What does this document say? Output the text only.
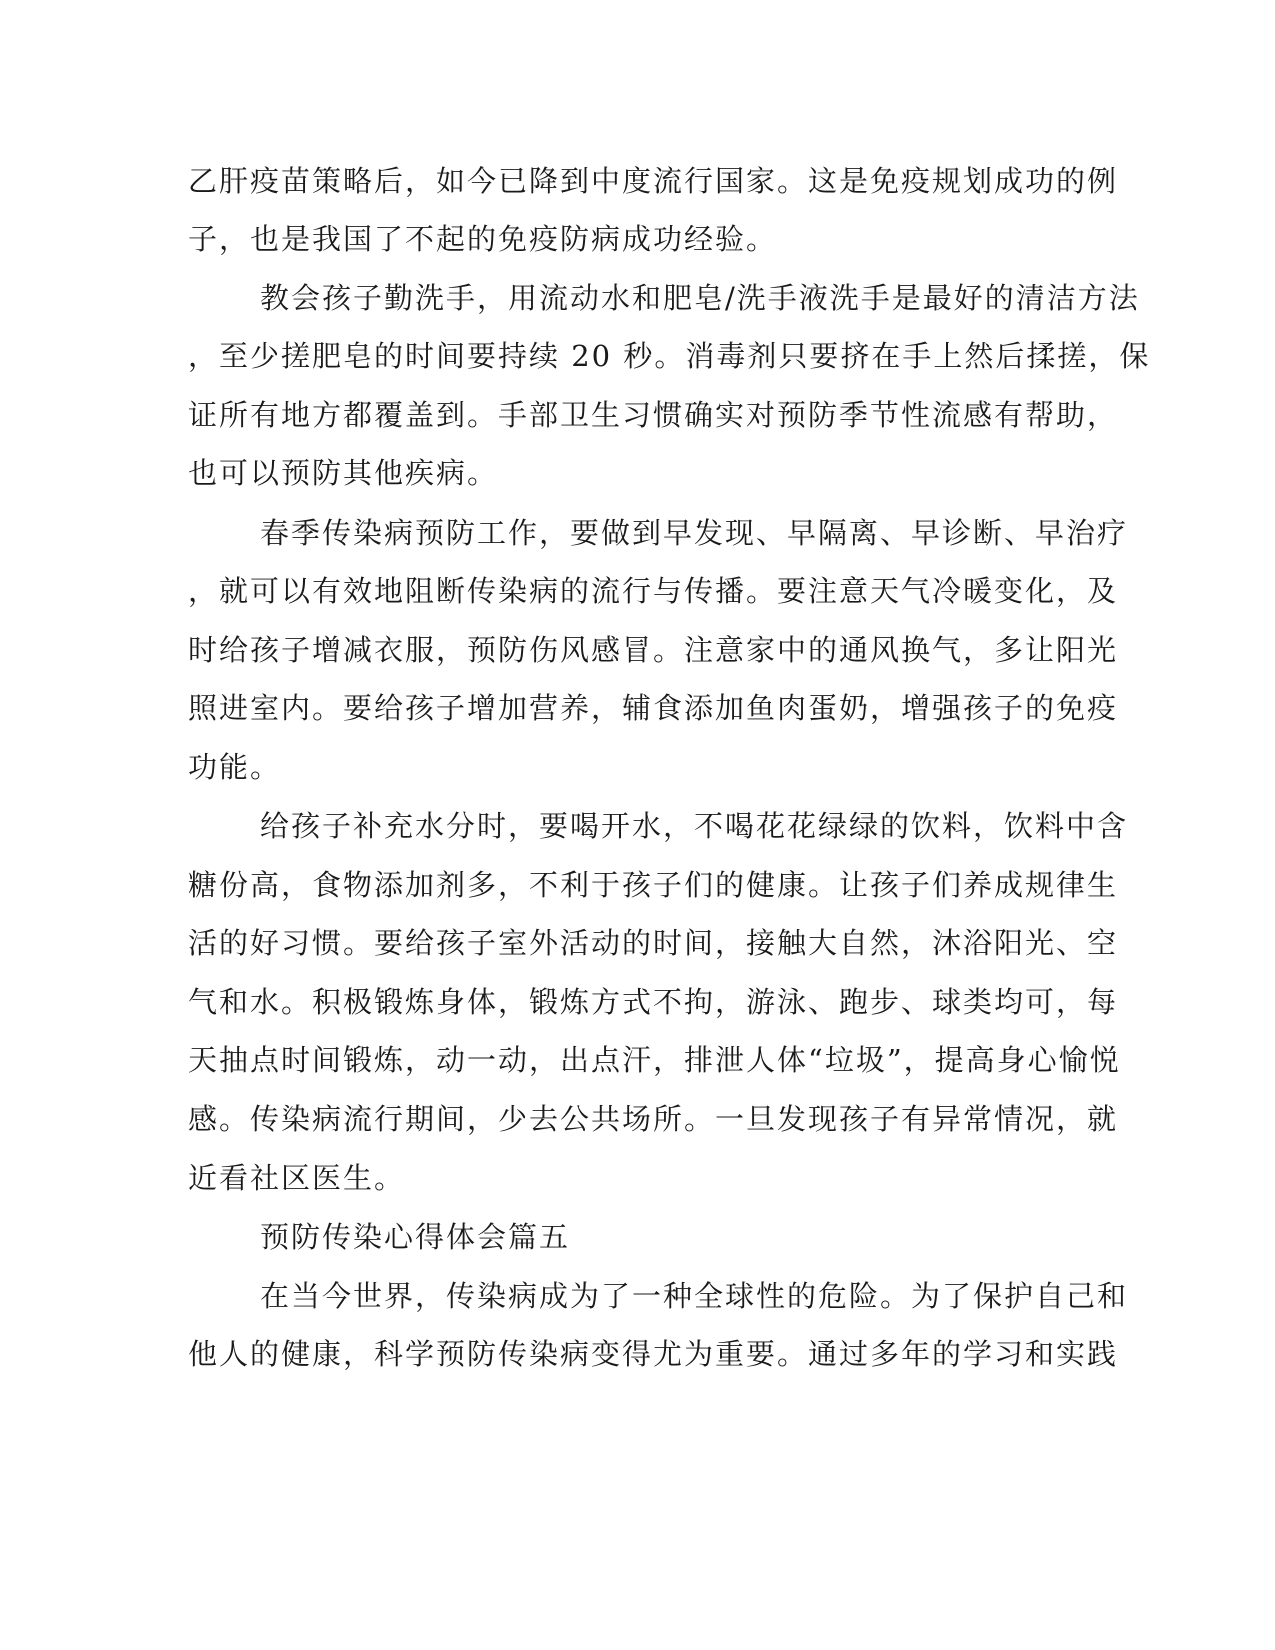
乙肝疫苗策略后，如今已降到中度流行国家。这是免疫规划成功的例

子，也是我国了不起的免疫防病成功经验。

教会孩子勤洗手，用流动水和肥皂/洗手液洗手是最好的清洁方法

，至少搓肥皂的时间要持续 20 秒。消毒剂只要挤在手上然后揉搓，保

证所有地方都覆盖到。手部卫生习惯确实对预防季节性流感有帮助，

也可以预防其他疾病。

春季传染病预防工作，要做到早发现、早隔离、早诊断、早治疗

，就可以有效地阻断传染病的流行与传播。要注意天气冷暖变化，及

时给孩子增减衣服，预防伤风感冒。注意家中的通风换气，多让阳光

照进室内。要给孩子增加营养，辅食添加鱼肉蛋奶，增强孩子的免疫

功能。

给孩子补充水分时，要喝开水，不喝花花绿绿的饮料，饮料中含

糖份高，食物添加剂多，不利于孩子们的健康。让孩子们养成规律生

活的好习惯。要给孩子室外活动的时间，接触大自然，沐浴阳光、空

气和水。积极锻炼身体，锻炼方式不拘，游泳、跑步、球类均可，每

天抽点时间锻炼，动一动，出点汗，排泄人体“垃圾”，提高身心愉悦

感。传染病流行期间，少去公共场所。一旦发现孩子有异常情况，就

近看社区医生。

预防传染心得体会篇五

在当今世界，传染病成为了一种全球性的危险。为了保护自己和

他人的健康，科学预防传染病变得尤为重要。通过多年的学习和实践
